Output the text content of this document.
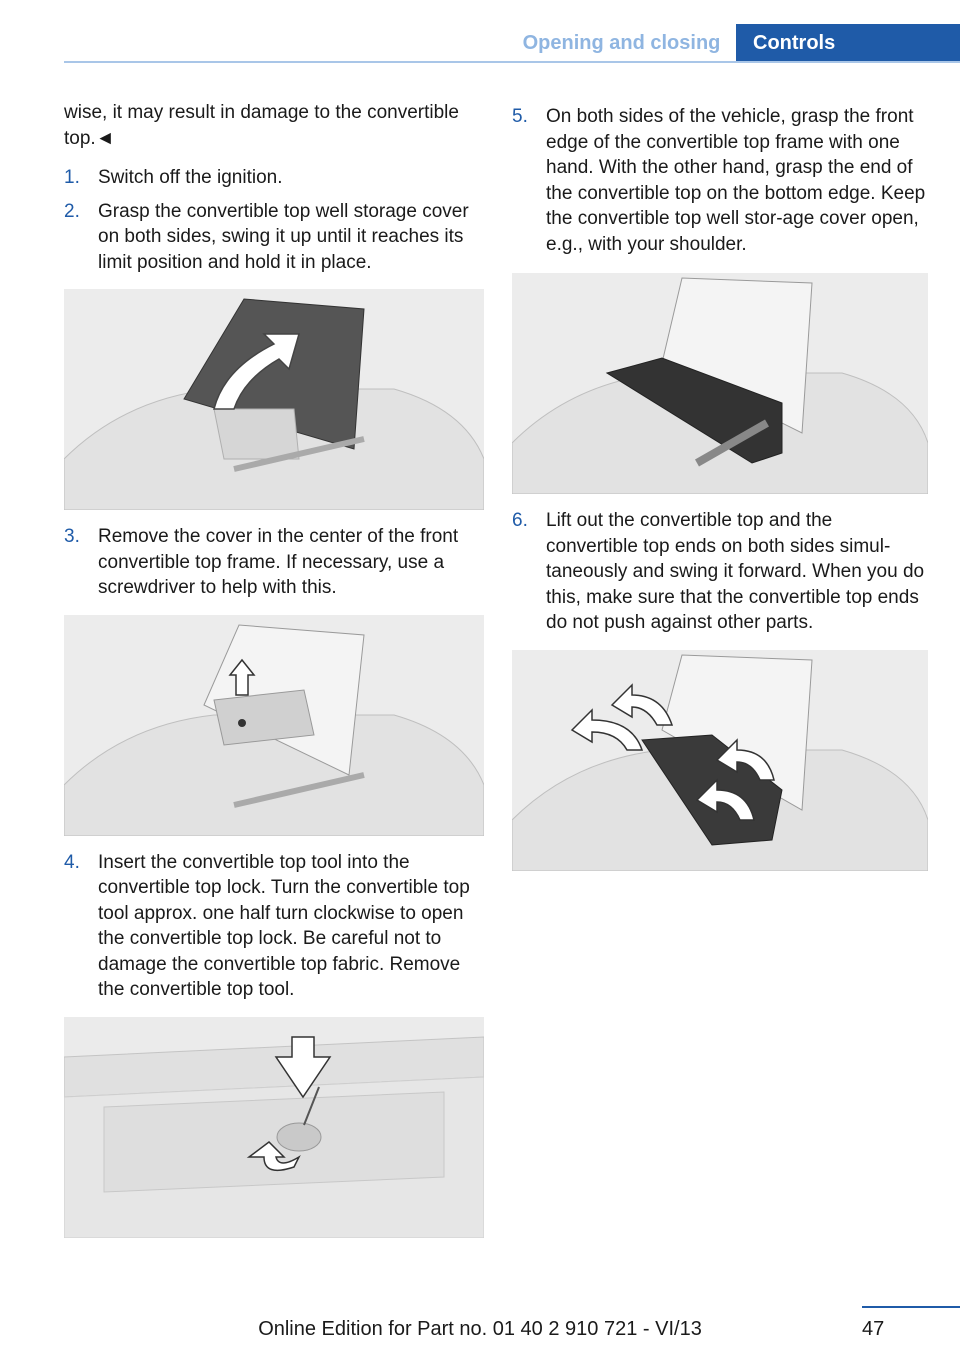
Opening and closing	Controls

wise, it may result in damage to the convertible top.◄

1. Switch off the ignition.
2. Grasp the convertible top well storage cover on both sides, swing it up until it reaches its limit position and hold it in place.
3. Remove the cover in the center of the front convertible top frame. If necessary, use a screwdriver to help with this.
4. Insert the convertible top tool into the convertible top lock. Turn the convertible top tool approx. one half turn clockwise to open the convertible top lock. Be careful not to damage the convertible top fabric. Remove the convertible top tool.
5. On both sides of the vehicle, grasp the front edge of the convertible top frame with one hand. With the other hand, grasp the end of the convertible top on the bottom edge. Keep the convertible top well stor-age cover open, e.g., with your shoulder.
6. Lift out the convertible top and the convertible top ends on both sides simul-taneously and swing it forward. When you do this, make sure that the convertible top ends do not push against other parts.
47
Online Edition for Part no. 01 40 2 910 721 - VI/13
